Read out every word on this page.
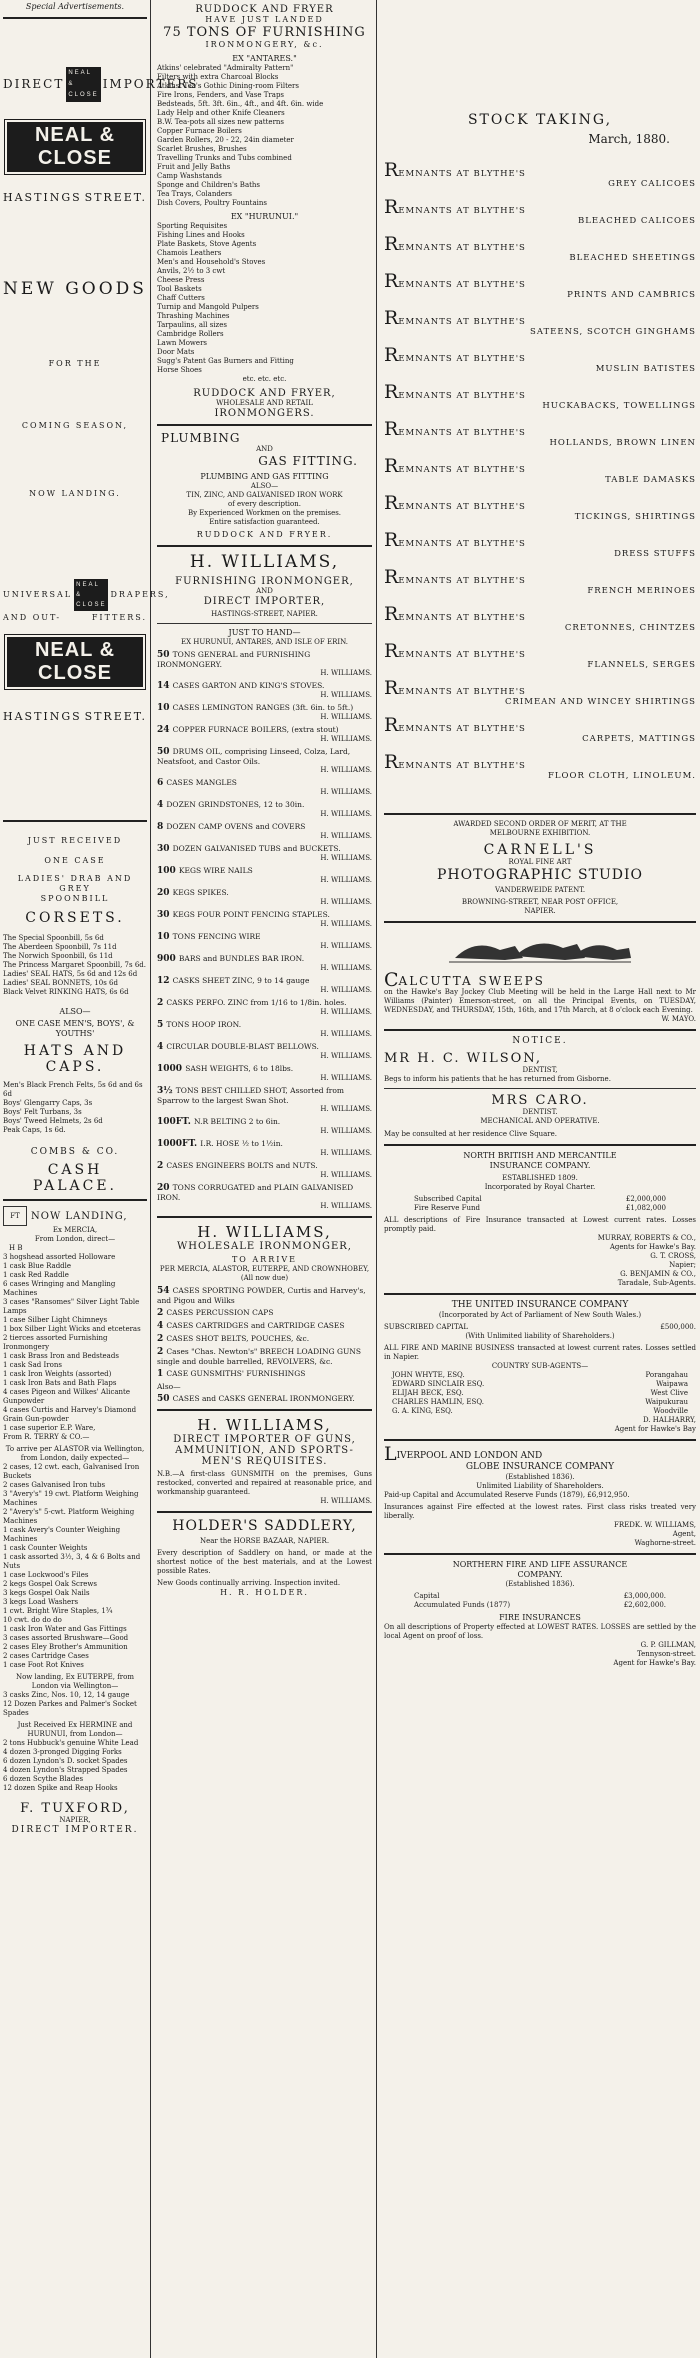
Special Advertisements.
DIRECT
NEAL & CLOSE
IMPORTERS
NEAL & CLOSE
HASTINGS STREET.
NEW GOODS
FOR THE
COMING SEASON,
NOW LANDING.
UNIVERSAL
NEAL & CLOSE
DRAPERS,
AND OUT-	FITTERS.
NEAL & CLOSE
HASTINGS STREET.
JUST RECEIVED
ONE CASE
LADIES' DRAB AND GREY
SPOONBILL
CORSETS.
The Special Spoonbill, 5s 6d
The Aberdeen Spoonbill, 7s 11d
The Norwich Spoonbill, 6s 11d
The Princess Margaret Spoonbill, 7s 6d.
Ladies' SEAL HATS, 5s 6d and 12s 6d
Ladies' SEAL BONNETS, 10s 6d
Black Velvet RINKING HATS, 6s 6d
ALSO—
ONE CASE MEN'S, BOYS', & YOUTHS'
HATS AND CAPS.
Men's Black French Felts, 5s 6d and 6s 6d
Boys' Glengarry Caps, 3s
Boys' Felt Turbans, 3s
Boys' Tweed Helmets, 2s 6d
Peak Caps, 1s 6d.
COMBS & CO.
CASH PALACE.
FT	NOW LANDING,
Ex MERCIA,
From London, direct—
H B
3 hogshead assorted Holloware
1 cask Blue Raddle
1 cask Red Raddle
6 cases Wringing and Mangling Machines
3 cases "Ransomes" Silver Light Table Lamps
1 case Silber Light Chimneys
1 box Silber Light Wicks and etceteras
2 tierces assorted Furnishing Ironmongery
1 cask Brass Iron and Bedsteads
1 cask Sad Irons
1 cask Iron Weights (assorted)
1 cask Iron Bats and Bath Flaps
4 cases Pigeon and Wilkes' Alicante Gunpowder
4 cases Curtis and Harvey's Diamond Grain Gun-powder
1 case superior E.P. Ware,
From R. TERRY & CO.—
To arrive per ALASTOR via Wellington, from London, daily expected—
2 cases, 12 cwt. each, Galvanised Iron Buckets
2 cases Galvanised Iron tubs
3 "Avery's" 19 cwt. Platform Weighing Machines
2 "Avery's" 5-cwt. Platform Weighing Machines
1 cask Avery's Counter Weighing Machines
1 cask Counter Weights
1 cask assorted 3½, 3, 4 & 6 Bolts and Nuts
1 case Lockwood's Files
2 kegs Gospel Oak Screws
3 kegs Gospel Oak Nails
3 kegs Load Washers
1 cwt. Bright Wire Staples, 1¾
10 cwt. do do do
1 cask Iron Water and Gas Fittings
3 cases assorted Brushware—Good
2 cases Eley Brother's Ammunition
2 cases Cartridge Cases
1 case Foot Rot Knives
Now landing, Ex EUTERPE, from London via Wellington—
3 casks Zinc, Nos. 10, 12, 14 gauge
12 Dozen Parkes and Palmer's Socket Spades
Just Received Ex HERMINE and HURUNUI, from London—
2 tons Hubbuck's genuine White Lead
4 dozen 3-pronged Digging Forks
6 dozen Lyndon's D. socket Spades
4 dozen Lyndon's Strapped Spades
6 dozen Scythe Blades
12 dozen Spike and Reap Hooks
F. TUXFORD,
NAPIER,
DIRECT IMPORTER.
RUDDOCK AND FRYER
HAVE JUST LANDED
75 TONS OF FURNISHING
IRONMONGERY, &c.
EX "ANTARES."
Atkins' celebrated "Admiralty Pattern"
Filters with extra Charcoal Blocks
Atkins' Tea's Gothic Dining-room Filters
Fire Irons, Fenders, and Vase Traps
Bedsteads, 5ft. 3ft. 6in., 4ft., and 4ft. 6in. wide
Lady Help and other Knife Cleaners
B.W. Tea-pots all sizes new patterns
Copper Furnace Boilers
Garden Rollers, 20 - 22, 24in diameter
Scarlet Brushes, Brushes
Travelling Trunks and Tubs combined
Fruit and Jelly Baths
Camp Washstands
Sponge and Children's Baths
Tea Trays, Colanders
Dish Covers, Poultry Fountains
EX "HURUNUI."
Sporting Requisites
Fishing Lines and Hooks
Plate Baskets, Stove Agents
Chamois Leathers
Men's and Household's Stoves
Anvils, 2½ to 3 cwt
Cheese Press
Tool Baskets
Chaff Cutters
Turnip and Mangold Pulpers
Thrashing Machines
Tarpaulins, all sizes
Cambridge Rollers
Lawn Mowers
Door Mats
Sugg's Patent Gas Burners and Fitting
Horse Shoes
etc. etc. etc.
RUDDOCK AND FRYER,
WHOLESALE AND RETAIL
IRONMONGERS.
PLUMBING
AND
GAS FITTING.
PLUMBING AND GAS FITTING
ALSO—
TIN, ZINC, AND GALVANISED IRON WORK
of every description.
By Experienced Workmen on the premises.
Entire satisfaction guaranteed.
RUDDOCK AND FRYER.
H. WILLIAMS,
FURNISHING IRONMONGER,
AND
DIRECT IMPORTER,
HASTINGS-STREET, NAPIER.
JUST TO HAND—
EX HURUNUI, ANTARES, AND ISLE OF ERIN.
50 TONS GENERAL and FURNISHING IRONMONGERY.
H. WILLIAMS.
14 CASES GARTON AND KING'S STOVES.
H. WILLIAMS.
10 CASES LEMINGTON RANGES (3ft. 6in. to 5ft.)
H. WILLIAMS.
24 COPPER FURNACE BOILERS, (extra stout)
H. WILLIAMS.
50 DRUMS OIL, comprising Linseed, Colza, Lard, Neatsfoot, and Castor Oils.
H. WILLIAMS.
6 CASES MANGLES
H. WILLIAMS.
4 DOZEN GRINDSTONES, 12 to 30in.
H. WILLIAMS.
8 DOZEN CAMP OVENS and COVERS
H. WILLIAMS.
30 DOZEN GALVANISED TUBS and BUCKETS.
H. WILLIAMS.
100 KEGS WIRE NAILS
H. WILLIAMS.
20 KEGS SPIKES.
H. WILLIAMS.
30 KEGS FOUR POINT FENCING STAPLES.
H. WILLIAMS.
10 TONS FENCING WIRE
H. WILLIAMS.
900 BARS and BUNDLES BAR IRON.
H. WILLIAMS.
12 CASKS SHEET ZINC, 9 to 14 gauge
H. WILLIAMS.
2 CASKS PERFO. ZINC from 1/16 to 1/8in. holes.
H. WILLIAMS.
5 TONS HOOP IRON.
H. WILLIAMS.
4 CIRCULAR DOUBLE-BLAST BELLOWS.
H. WILLIAMS.
1000 SASH WEIGHTS, 6 to 18lbs.
H. WILLIAMS.
3½ TONS BEST CHILLED SHOT, Assorted from Sparrow to the largest Swan Shot.
H. WILLIAMS.
100FT. N.R BELTING 2 to 6in.
H. WILLIAMS.
1000FT. I.R. HOSE ½ to 1½in.
H. WILLIAMS.
2 CASES ENGINEERS BOLTS and NUTS.
H. WILLIAMS.
20 TONS CORRUGATED and PLAIN GALVANISED IRON.
H. WILLIAMS.
H. WILLIAMS,
WHOLESALE IRONMONGER,
TO ARRIVE
PER MERCIA, ALASTOR, EUTERPE, AND CROWNHOBEY,
(All now due)
54 CASES SPORTING POWDER, Curtis and Harvey's, and Pigou and Wilks
2 CASES PERCUSSION CAPS
4 CASES CARTRIDGES and CARTRIDGE CASES
2 CASES SHOT BELTS, POUCHES, &c.
2 Cases "Chas. Newton's" BREECH LOADING GUNS single and double barrelled, REVOLVERS, &c.
1 CASE GUNSMITHS' FURNISHINGS
Also—
50 CASES and CASKS GENERAL IRONMONGERY.
H. WILLIAMS,
DIRECT IMPORTER OF GUNS,
AMMUNITION, AND SPORTS-
MEN'S REQUISITES.
N.B.—A first-class GUNSMITH on the premises, Guns restocked, converted and repaired at reasonable price, and workmanship guaranteed.
H. WILLIAMS.
HOLDER'S SADDLERY,
Near the HORSE BAZAAR, NAPIER.
Every description of Saddlery on hand, or made at the shortest notice of the best materials, and at the Lowest possible Rates.
New Goods continually arriving. Inspection invited.
H. R. HOLDER.
STOCK TAKING,
March, 1880.
REMNANTS AT BLYTHE'S
GREY CALICOES
REMNANTS AT BLYTHE'S
BLEACHED CALICOES
REMNANTS AT BLYTHE'S
BLEACHED SHEETINGS
REMNANTS AT BLYTHE'S
PRINTS AND CAMBRICS
REMNANTS AT BLYTHE'S
SATEENS, SCOTCH GINGHAMS
REMNANTS AT BLYTHE'S
MUSLIN BATISTES
REMNANTS AT BLYTHE'S
HUCKABACKS, TOWELLINGS
REMNANTS AT BLYTHE'S
HOLLANDS, BROWN LINEN
REMNANTS AT BLYTHE'S
TABLE DAMASKS
REMNANTS AT BLYTHE'S
TICKINGS, SHIRTINGS
REMNANTS AT BLYTHE'S
DRESS STUFFS
REMNANTS AT BLYTHE'S
FRENCH MERINOES
REMNANTS AT BLYTHE'S
CRETONNES, CHINTZES
REMNANTS AT BLYTHE'S
FLANNELS, SERGES
REMNANTS AT BLYTHE'S
CRIMEAN AND WINCEY SHIRTINGS
REMNANTS AT BLYTHE'S
CARPETS, MATTINGS
REMNANTS AT BLYTHE'S
FLOOR CLOTH, LINOLEUM.
AWARDED SECOND ORDER OF MERIT, AT THE
MELBOURNE EXHIBITION.
CARNELL'S
ROYAL FINE ART
PHOTOGRAPHIC STUDIO
VANDERWEIDE PATENT.
BROWNING-STREET, NEAR POST OFFICE,
NAPIER.
C ALCUTTA SWEEPS
on the Hawke's Bay Jockey Club Meeting will be held in the Large Hall next to Mr Williams (Painter) Emerson-street, on all the Principal Events, on TUESDAY, WEDNESDAY, and THURSDAY, 15th, 16th, and 17th March, at 8 o'clock each Evening.
W. MAYO.
NOTICE.
MR H. C. WILSON,
DENTIST,
Begs to inform his patients that he has returned from Gisborne.
MRS CARO.
DENTIST.
MECHANICAL AND OPERATIVE.
May be consulted at her residence Clive Square.
NORTH BRITISH AND MERCANTILE
INSURANCE COMPANY.
ESTABLISHED 1809.
Incorporated by Royal Charter.
Subscribed Capital	£2,000,000
Fire Reserve Fund	£1,082,000
ALL descriptions of Fire Insurance transacted at Lowest current rates. Losses promptly paid.
MURRAY, ROBERTS & CO.,
Agents for Hawke's Bay.
G. T. CROSS,
Napier;
G. BENJAMIN & CO.,
Taradale, Sub-Agents.
THE UNITED INSURANCE COMPANY
(Incorporated by Act of Parliament of New South Wales.)
SUBSCRIBED CAPITAL	£500,000.
(With Unlimited liability of Shareholders.)
ALL FIRE AND MARINE BUSINESS transacted at lowest current rates. Losses settled in Napier.
COUNTRY SUB-AGENTS—
JOHN WHYTE, ESQ.	Porangahau
EDWARD SINCLAIR ESQ.	Waipawa
ELIJAH BECK, ESQ.	West Clive
CHARLES HAMLIN, ESQ.	Waipukurau
G. A. KING, ESQ.	Woodville
D. HALHARRY,
Agent for Hawke's Bay
L IVERPOOL AND LONDON AND
GLOBE INSURANCE COMPANY
(Established 1836).
Unlimited Liability of Shareholders.
Paid-up Capital and Accumulated Reserve Funds (1879), £6,912,950.
Insurances against Fire effected at the lowest rates. First class risks treated very liberally.
FREDK. W. WILLIAMS,
Agent,
Waghorne-street.
NORTHERN FIRE AND LIFE ASSURANCE
COMPANY.
(Established 1836).
Capital	£3,000,000.
Accumulated Funds (1877)	£2,602,000.
FIRE INSURANCES
On all descriptions of Property effected at LOWEST RATES. LOSSES are settled by the local Agent on proof of loss.
G. P. GILLMAN,
Tennyson-street.
Agent for Hawke's Bay.
